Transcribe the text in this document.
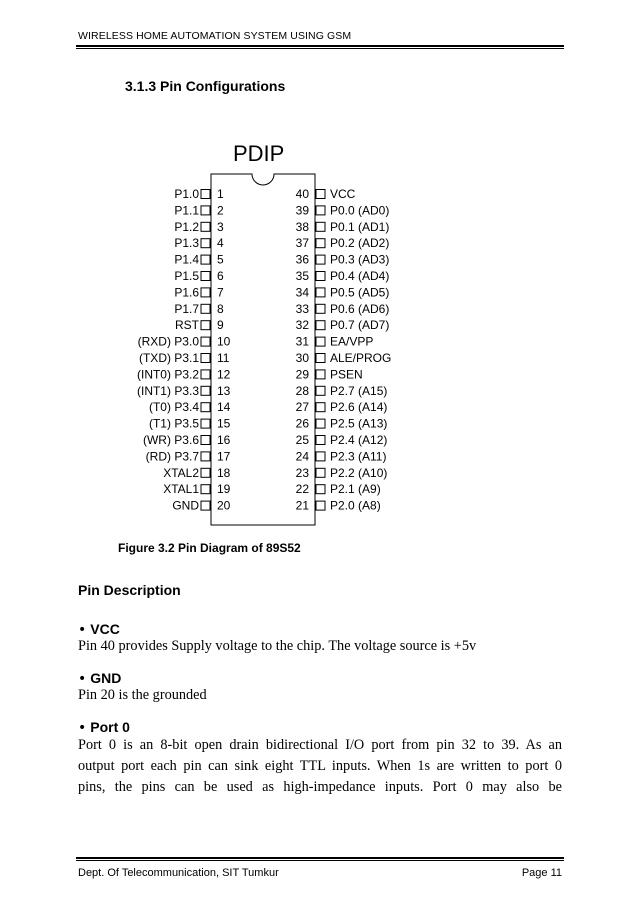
WIRELESS HOME AUTOMATION SYSTEM USING GSM
3.1.3 Pin Configurations
PDIP
P1.0 1
P1.1 2
P1.2 3
P1.3 4
P1.4 5
P1.5 6
P1.6 7
P1.7 8
RST 9
(RXD) P3.0 10
(TXD) P3.1 11
(INT0) P3.2 12
(INT1) P3.3 13
(T0) P3.4 14
(T1) P3.5 15
(WR) P3.6 16
(RD) P3.7 17
XTAL2 18
XTAL1 19
GND 20
40 VCC
39 P0.0 (AD0)
38 P0.1 (AD1)
37 P0.2 (AD2)
36 P0.3 (AD3)
35 P0.4 (AD4)
34 P0.5 (AD5)
33 P0.6 (AD6)
32 P0.7 (AD7)
31 EA/VPP
30 ALE/PROG
29 PSEN
28 P2.7 (A15)
27 P2.6 (A14)
26 P2.5 (A13)
25 P2.4 (A12)
24 P2.3 (A11)
23 P2.2 (A10)
22 P2.1 (A9)
21 P2.0 (A8)
Figure 3.2 Pin Diagram of 89S52
Pin Description
• VCC
Pin 40 provides Supply voltage to the chip. The voltage source is +5v
• GND
Pin 20 is the grounded
• Port 0
Port 0 is an 8-bit open drain bidirectional I/O port from pin 32 to 39. As an
output port each pin can sink eight TTL inputs. When 1s are written to port 0
pins, the pins can be used as high-impedance inputs. Port 0 may also be
Dept. Of Telecommunication, SIT Tumkur	Page 11
